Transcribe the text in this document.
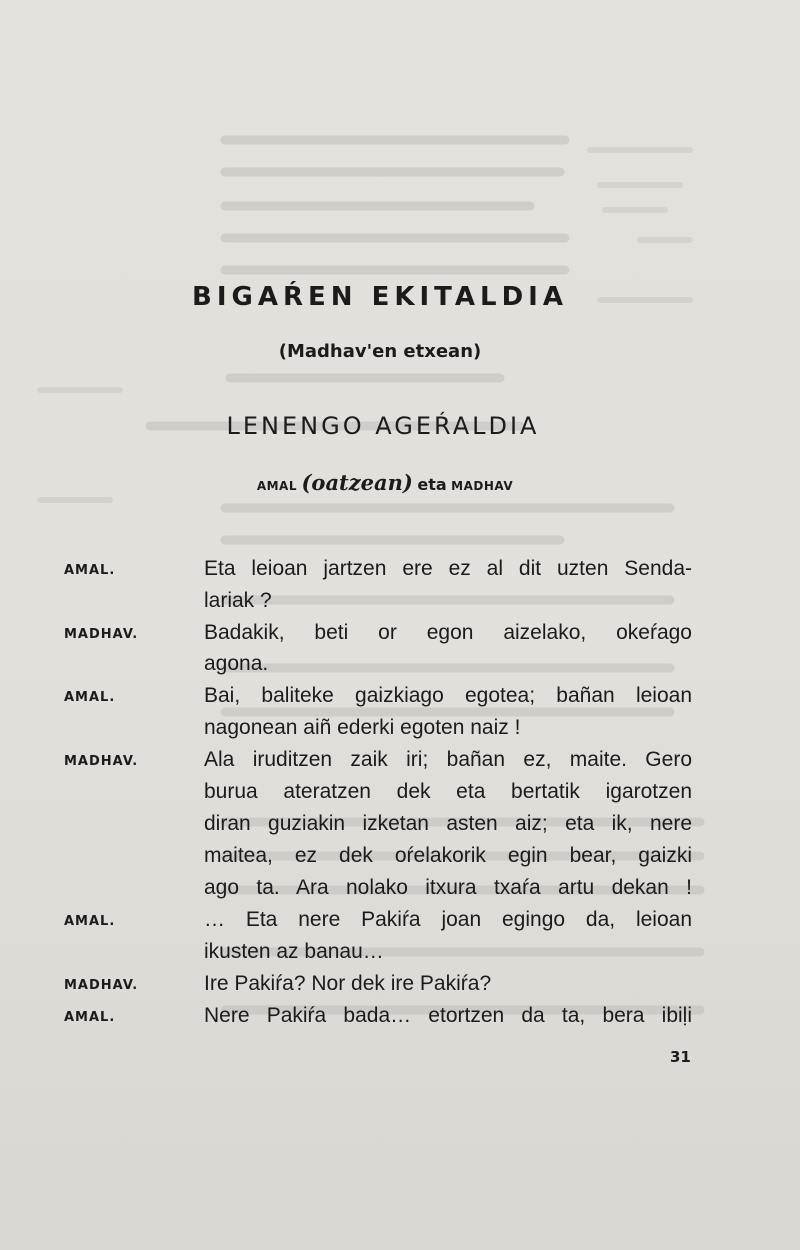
BIGAŔEN EKITALDIA
(Madhav'en etxean)
LENENGO AGEŔALDIA
AMAL (oatzean) eta MADHAV
AMAL.	Eta leioan jartzen ere ez al dit uzten Senda-
lariak ?
MADHAV.	Badakik, beti or egon aizelako, okeŕago
agona.
AMAL.	Bai, baliteke gaizkiago egotea; bañan leioan
nagonean aiñ ederki egoten naiz !
MADHAV.	Ala iruditzen zaik iri; bañan ez, maite. Gero
burua ateratzen dek eta bertatik igarotzen
diran guziakin izketan asten aiz; eta ik, nere
maitea, ez dek oŕelakorik egin bear, gaizki
ago ta. Ara nolako itxura txaŕa artu dekan !
AMAL.	… Eta nere Pakiŕa joan egingo da, leioan
ikusten az banau…
MADHAV.	Ire Pakiŕa? Nor dek ire Pakiŕa?
AMAL.	Nere Pakiŕa bada… etortzen da ta, bera ibiḷi
31
